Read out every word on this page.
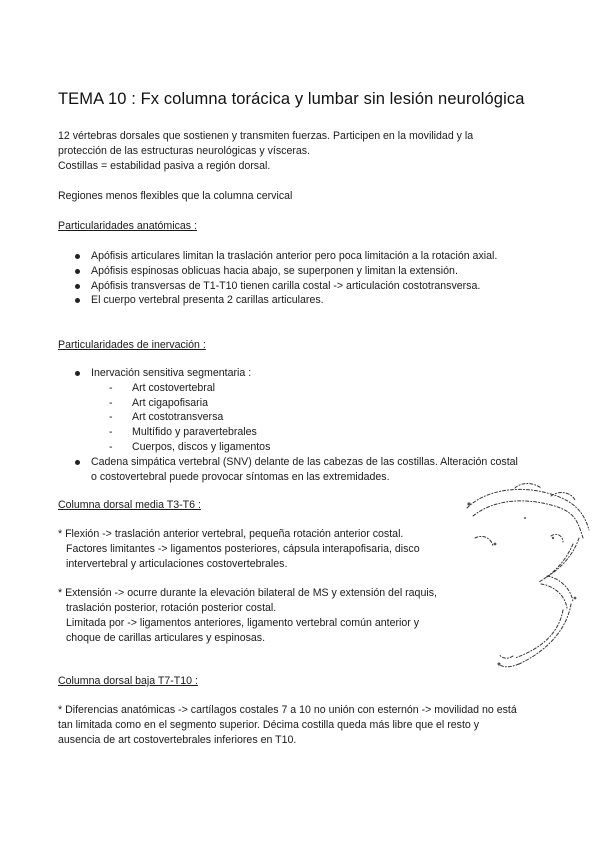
TEMA 10 : Fx columna torácica y lumbar sin lesión neurológica
12 vértebras dorsales que sostienen y transmiten fuerzas. Participen en la movilidad y la
protección de las estructuras neurológicas y vísceras.
Costillas = estabilidad pasiva a región dorsal.
Regiones menos flexibles que la columna cervical
Particularidades anatómicas :
Apófisis articulares limitan la traslación anterior pero poca limitación a la rotación axial.
Apófisis espinosas oblicuas hacia abajo, se superponen y limitan la extensión.
Apófisis transversas de T1-T10 tienen carilla costal -> articulación costotransversa.
El cuerpo vertebral presenta 2 carillas articulares.
Particularidades de inervación :
Inervación sensitiva segmentaria :
- Art costovertebral
- Art cigapofisaria
- Art costotransversa
- Multífido y paravertebrales
- Cuerpos, discos y ligamentos
Cadena simpática vertebral (SNV) delante de las cabezas de las costillas. Alteración costal
o costovertebral puede provocar síntomas en las extremidades.
Columna dorsal media T3-T6 :
* Flexión -> traslación anterior vertebral, pequeña rotación anterior costal.
Factores limitantes -> ligamentos posteriores, cápsula interapofisaria, disco
intervertebral y articulaciones costovertebrales.
* Extensión -> ocurre durante la elevación bilateral de MS y extensión del raquis,
traslación posterior, rotación posterior costal.
Limitada por -> ligamentos anteriores, ligamento vertebral común anterior y
choque de carillas articulares y espinosas.
Columna dorsal baja T7-T10 :
* Diferencias anatómicas -> cartílagos costales 7 a 10 no unión con esternón -> movilidad no está
tan limitada como en el segmento superior. Décima costilla queda más libre que el resto y
ausencia de art costovertebrales inferiores en T10.
